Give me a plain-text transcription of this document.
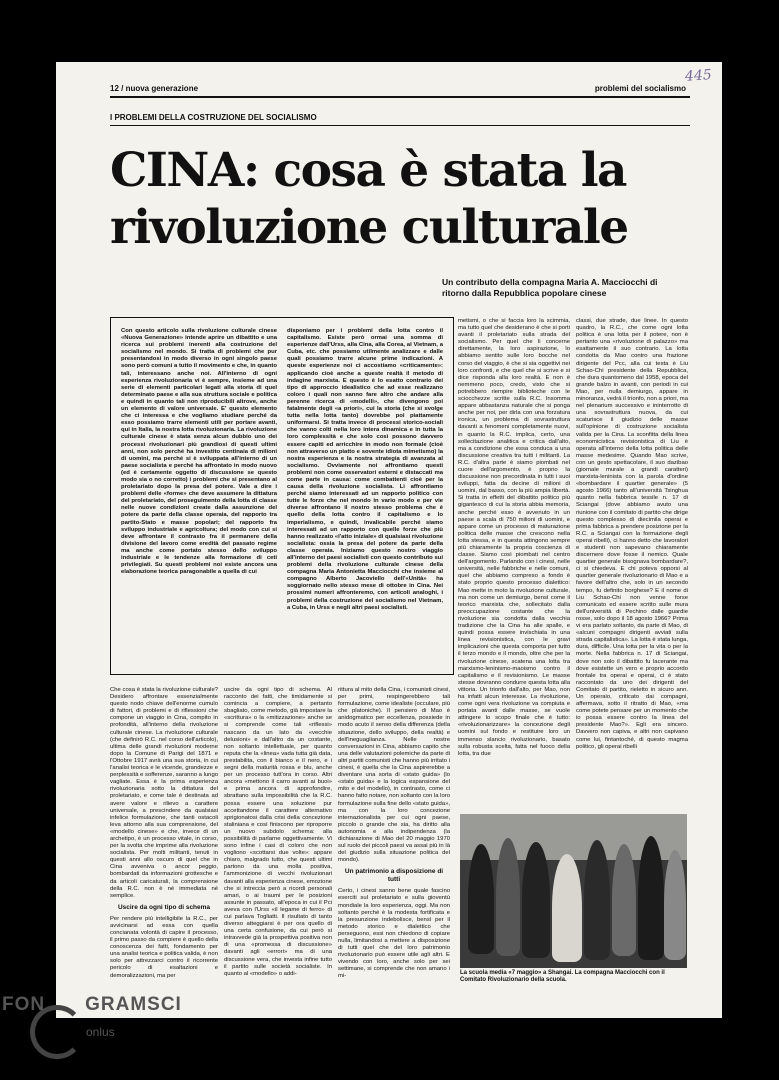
12 / nuova generazione	problemi del socialismo
445
I PROBLEMI DELLA COSTRUZIONE DEL SOCIALISMO
CINA: cosa è stata la rivoluzione culturale
Un contributo della compagna Maria A. Macciocchi di ritorno dalla Repubblica popolare cinese
Con questo articolo sulla rivoluzione culturale cinese «Nuova Generazione» intende aprire un dibattito e una ricerca sui problemi inerenti alla costruzione del socialismo nel mondo. Si tratta di problemi che pur presentandosi in modo diverso in ogni singolo paese sono però comuni a tutto il movimento e che, in quanto tali, interessano anche noi. All'interno di ogni esperienza rivoluzionaria vi è sempre, insieme ad una serie di elementi particolari legati alla storia di quel determinato paese e alla sua struttura sociale e politica e quindi in quanto tali non riproducibili altrove, anche un elemento di valore universale. E' questo elemento che ci interessa e che vogliamo studiare perché da esso possiamo trarre elementi utili per portare avanti, qui in Italia, la nostra lotta rivoluzionaria. La rivoluzione culturale cinese è stata senza alcun dubbio uno dei processi rivoluzionari più grandiosi di questi ultimi anni, non solo perché ha investito centinaia di milioni di uomini, ma perché si è sviluppata all'interno di un paese socialista e perché ha affrontato in modo nuovo (ed è certamente oggetto di discussione se questo modo sia o no corretto) i problemi che si presentano al proletariato dopo la presa del potere. Vale a dire i problemi delle «forme» che deve assumere la dittatura del proletariato, del proseguimento della lotta di classe nelle nuove condizioni create dalla assunzione del potere da parte della classe operaia, del rapporto tra partito-Stato e masse popolari; del rapporto fra sviluppo industriale e agricoltura; del modo con cui si deve affrontare il contrasto fra il permanere della divisione del lavoro come eredità del passato regime ma anche come portato stesso dello sviluppo industriale e le tendenze alla formazione di ceti privilegiati. Su questi problemi noi esiste ancora una elaborazione teorica paragonabile a quella di cui
disponiamo per i problemi della lotta contro il capitalismo. Esiste però ormai una somma di esperienze dall'Urss, alla Cina, alla Corea, al Vietnam, a Cuba, etc. che possiamo utilmente analizzare e dalle quali possiamo trarre alcune prime indicazioni. A queste esperienze noi ci accostiamo «criticamente»: applicando cioè anche a queste realtà il metodo di indagine marxista. E questo è lo esatto contrario dei tipo di approccio idealistico che ad esse realizzano coloro i quali non sanno fare altro che andare alla perenne ricerca di «modelli», che divengono poi fatalmente degli «a priori», cui la storia (che si svolge tutta nella lotta tanto) dovrebbe poi piattamente uniformarsi. Si tratta invece di processi storico-sociali che vanno colti nella loro intera dinamica e in tutta la loro complessità e che solo così possono davvero essere capiti ed arricchire in modo non formale (cioè non attraverso un piatto e sovente idiota mimetismo) la nostra esperienza e la nostra strategia di avanzata al socialismo. Ovviamente noi affrontiamo questi problemi non come osservatori esterni e distaccati ma come parte in causa: come combattenti cioè per la causa della rivoluzione socialista. Li affrontiamo perché siamo interessati ad un rapporto politico con tutte le forze che nel mondo in vario modo e per vie diverse affrontano il nostro stesso problema che è quello della lotta contro il capitalismo e lo imperialismo, e quindi, invalicabile perché siamo interessati ad un rapporto con quelle forze che più hanno realizzato «l'atto iniziale» di qualsiasi rivoluzione socialista: ossia la presa del potere da parte della classe operaia. Iniziamo questo nostro viaggio all'interno dei paesi socialisti con questo contributo sui problemi della rivoluzione culturale cinese della compagna Maria Antonietta Macciocchi che insieme al compagno Alberto Jacoviello dell'«Unità» ha soggiornato nello stesso mese di ottobre in Cina. Nei prossimi numeri affronteremo, con articoli analoghi, i problemi della costruzione del socialismo nel Vietnam, a Cuba, in Urss e negli altri paesi socialisti.
metismi, o che si faccia loro la scimmia, ma tutto quel che desiderano è che si porti avanti il proletariato sulla strada del socialismo. Per quel che li concerne direttamente, la loro aspirazione, lo abbiamo sentito sulle loro bocche nel corso del viaggio, è che si sia oggettivi nei loro confronti, e che quel che si scrive e si dice risponda alla loro realtà. E non è nemmeno poco, credo, visto che si potrebbero riempire biblioteche con le sciocchezze scritte sulla R.C. Insomma appare abbastanza naturale che si ponga anche per noi, per dirla con una forzatura ironica, un problema di sovrastruttura davanti a fenomeni completamente nuovi, in quanto la R.C. implica, certo, una sollecitazione analitica e critica dall'alto, ma a condizione che essa conduca a una discussione creativa tra tutti i militanti. La R.C. d'altra parte è siamo piombati nel cuore dell'argomento, è proprio la discussione non precordinata in tutti i suoi sviluppi, fatta da decine di milioni di uomini, dal basso, con la più ampia libertà. Si tratta in effetti del dibattito politico più gigantesco di cui la storia abbia memoria, anche perché esso è avvenuto in un paese a scala di 750 milioni di uomini, e appare come un processo di maturazione politica delle masse che crescono nella lotta stessa, e in questa attingono sempre più chiaramente la propria coscienza di classe. Siamo così piombati nel centro dell'argomento. Parlando con i cinesi, nelle università, nelle fabbriche e nelle comuni, quel che abbiamo compreso a fondo è stato proprio questo processo dialettico: Mao mette in moto la rivoluzione culturale, ma non come un demiurgo, bensì come il teorico marxista che, sollecitato dalla preoccupazione costante che la rivoluzione sia condotta dalla vecchia tradizione che la Cina ha alle spalle, e quindi possa essere invischiata in una linea revisionistica, con le gravi implicazioni che questa comporta per tutto il terzo mondo e il mondo, oltre che per la rivoluzione cinese, scatena una lotta tra marxismo-leninismo-maoismo contro il capitalismo e il revisionismo. Le masse stesse dovranno condurre questa lotta alla vittoria. Un trionfo dall'alto, per Mao, non ha infatti alcun interesse. La rivoluzione, come ogni vera rivoluzione va compiuta e portata avanti dalle masse, se vuole attingere lo scopo finale che è tutto: «rivoluzionarizzare» la concezione degli uomini sul fondo e restituire loro un immenso slancio rivoluzionario, basato sulla robusta scelta, fatta nel fuoco della lotta, tra due
classi, due strade, due linee. In questo quadro, la R.C., che come ogni lotta politica è una lotta per il potere, non è pertanto una «rivoluzione di palazzo» ma esattamente il suo contrario. La lotta condotta da Mao contro una frazione dirigente del Pcc, alla cui testa è Liu Schao-Chi presidente della Repubblica, che dura quantomeno dal 1958, epoca del grande balzo in avanti, con periodi in cui Mao, per nulla demiurgo, appare in minoranza, vedrà il trionfo, non a priori, ma nel plenarium successivo e ininterrotto di una sovrastruttura nuova, da cui scaturisce il giudizio delle masse sull'opinione di costruzione socialista valida per la Cina. La sconfitta della linea economicistica revisionistica di Liu è operata all'interno della lotta politica delle masse medesime. Quando Mao scrive, con un gesto spettacolare, il suo dazibao (giornale murale a grandi caratteri) marxista-leninista con la parola d'ordine «bombardare il quartier generale» (5 agosto 1966) tanto all'università Tsinghua quanto nella fabbrica tessile n. 17 di Sciangai (dove abbiamo avuto una riunione con il comitato di partito che dirige questo complesso di diecimila operai e prima fabbrica a prendere posizione per la R.C. a Sciangai con la formazione degli operai ribelli), ci hanno detto che lavoratori e studenti non sapevano chiaramente discernere dove fosse il nemico. Quale quartier generale bisognava bombardare?, ci si chiedeva. E chi poteva opporsi al quartier generale rivoluzionario di Mao e a favore dell'altro che, solo in un secondo tempo, fu definito borghese? E il nome di Liu Schao-Chi non venne forse comunicato ed essere scritto sulle mura dell'università di Pechino dalle guardie rosse, solo dopo il 18 agosto 1966? Prima vi era parlato soltanto, da parte di Mao, di «alcuni compagni dirigenti avviati sulla strada capitalistica». La lotta è stata lunga, dura, difficile. Una lotta per la vita o per la morte. Nella fabbrica n. 17 di Sciangai, dove non solo il dibattito fu lacerante ma dove esistette un vero e proprio accordo frontale tra operai e operai, ci è stato raccontato da uno dei dirigenti del Comitato di partito, rieletto in sicuro ann. Un operaio, criticato dai compagni, affermava, sotto il ritratto di Mao, «ma come potete pensare per un momento che io possa essere contro la linea del presidente Mao?». Egli era sincero. Davvero non capiva, e altri non capivano come lui, fintantoché, di questo magma politico, gli operai ribelli
Che cosa è stata la rivoluzione culturale? Desidero affrontare essenzialmente questo nodo chiave dell'enorme cumulo di fattori, di problemi e di riflessioni che compone un viaggio in Cina, compito in profondità, all'interno della rivoluzione culturale cinese. La rivoluzione culturale (che definirò R.C. nel corso dell'articolo), ultima delle grandi rivoluzioni moderne dopo la Comune di Parigi del 1871 e l'Ottobre 1917 avrà una sua storia, in cui l'analisi teorica e le vicende, grandezze e perplessità e sofferenze, saranno a lungo vagliate. Essa è la prima esperienza rivoluzionaria sotto la dittatura del proletariato, e come tale è destinata ad avere valore e rilievo a carattere universale, a prescindere da qualsiasi infelice formulazione, che tanti ostacoli leva attorno alla sua comprensione, del «modello cinese» e che, invece di un archetipo, è un processo vitale, in corso, per la svolta che imprime alla rivoluzione socialista. Per molti militanti, tenuti in questi anni allo oscuro di quel che in Cina avveniva o ancor peggio, bombardati da informazioni grottesche e da articoli caricaturali, la comprensione della R.C. non è né immediata né semplice.
Uscire da ogni tipo di schema
Per rendere più intelligibile la R.C., per avvicinarsi ad essa con quella concianata volontà di capire il processo, il primo passo da compiere è quello della conoscenza dei fatti, fondamento per una analisi teorica e politica valida, è non solo per attrezzarci contro il ricorrente pericolo di esaltazioni e demoralizzazioni, ma per
uscire da ogni tipo di schema. Al racconto dei fatti, che timidamente si comincia a compiere, a pertanto sbagliato, come metodo, già impostare la «scrittura» o la «mitizzazione» anche se si comprende come tali «riflessi» nascano da un lato da «vecchie delusioni» e dall'altro da un costante, non soltanto intellettuale, per quanto reputa che la «linea» vada tutta già data, prestabilita, con il bianco e il nero, e i segni della maturità rossa e blu, anche per un processo tutt'ora in corso. Altri ancora «mettono il carro avanti ai buoi» e prima ancora di approfondire, sbrattano sulla impossibilità che la R.C. possa essere una soluzione pur accettandone il carattere alternativo sprigionatosi dalla crisi della concezione staliniana e così finiscono per riproporre un nuovo subdolo schema: alla possibilità di parlarne oggettivamente. Vi sono infine i casi di coloro che non vogliono «scottarsi due volte»: appare chiaro, malgrado tutto, che questi ultimi partono da una molla positiva, l'ammonizione di vecchi rivoluzionari davanti alla esperienza cinese, emozione che si intreccia però a ricordi personali amari, o ai traumi per le posizioni assunte in passato, all'epoca in cui il Pci aveva con l'Urss «il legame di ferro» di cui parlava Togliatti. Il risultato di tanto diverso atteggiarsi è per ora quello di una certa confusione, da cui però si intravvede già la prospettiva positiva non di una «promessa di discussione» davanti agli «errori» ma di una discussione vera, che investa infine tutto il partito sulle società socialiste. In quanto al «modello» o addi-
rittura al mito della Cina, i comunisti cinesi, per primi, respingerebbero tali formulazione, come idealiste (occulare, più che platoniche). Il pensiero di Mao è anidogmatico per eccellenza, possiede in modo acuto il senso della differenza (della situazione, dello sviluppo, della realtà) e dell'ineguaglianza. Nelle nostre conversazioni in Cina, abbiamo capito che una delle valutazioni polemiche da parte di altri partiti comunisti che hanno più irritato i cinesi, è quella che la Cina aspirerebbe a diventare una sorta di «stato guida» (lo «stato guida» e la logica espansione del mito e del modello), in contrasto, come ci hanno fatto notare, non soltanto con la loro formulazione sulla fine dello «stato guida», ma con la loro concezione internazionalista per cui ogni paese, piccolo o grande che sia, ha diritto alla autonomia e alla indipendenza (la dichiarazione di Mao del 20 maggio 1970 sul ruolo dei piccoli paesi va assai più in là del giudizio sulla situazione politica del mondo).
Un patrimonio a disposizione di tutti
Certo, i cinesi sanno bene quale fascino eserciti sul proletariato e sulla gioventù mondiale la loro esperienza, oggi. Ma non soltanto perché è la modesta fortificata e la presunzione indebolisce, bensì per il metodo storico e dialettico che perseguono, essi non chiedono di copiare nulla, limitandosi a mettere a disposizione di tutti quel che del loro patrimonio rivoluzionario può essere utile agli altri. E vivendo con loro, anche solo per sei settimane, si comprende che non amano i mi-
La scuola media «7 maggio» a Shangai. La compagna Macciocchi con il Comitato Rivoluzionario della scuola.
FON GRAMSCI
onlus
